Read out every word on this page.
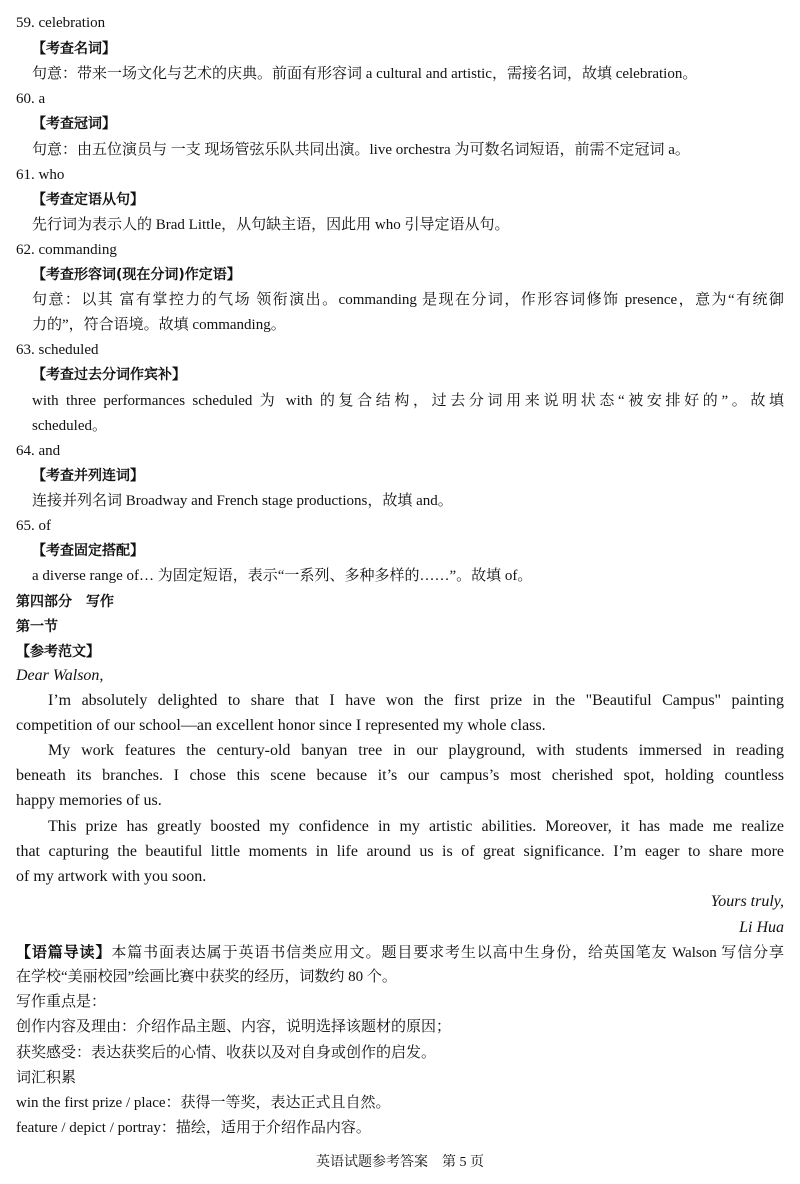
59. celebration
【考查名词】
句意：带来一场文化与艺术的庆典。前面有形容词 a cultural and artistic，需接名词，故填 celebration。
60. a
【考查冠词】
句意：由五位演员与 一支 现场管弦乐队共同出演。live orchestra 为可数名词短语，前需不定冠词 a。
61. who
【考查定语从句】
先行词为表示人的 Brad Little，从句缺主语，因此用 who 引导定语从句。
62. commanding
【考查形容词(现在分词)作定语】
句意：以其 富有掌控力的气场 领衔演出。commanding 是现在分词，作形容词修饰 presence，意为“有统御
力的”，符合语境。故填 commanding。
63. scheduled
【考查过去分词作宾补】
with three performances scheduled 为 with 的复合结构，过去分词用来说明状态“被安排好的”。故填
scheduled。
64. and
【考查并列连词】
连接并列名词 Broadway and French stage productions，故填 and。
65. of
【考查固定搭配】
a diverse range of… 为固定短语，表示“一系列、多种多样的……”。故填 of。
第四部分　写作
第一节
【参考范文】
Dear Walson,
I’m absolutely delighted to share that I have won the first prize in the "Beautiful Campus" painting
competition of our school—an excellent honor since I represented my whole class.
My work features the century-old banyan tree in our playground, with students immersed in reading
beneath its branches. I chose this scene because it’s our campus’s most cherished spot, holding countless
happy memories of us.
This prize has greatly boosted my confidence in my artistic abilities. Moreover, it has made me realize
that capturing the beautiful little moments in life around us is of great significance. I’m eager to share more
of my artwork with you soon.
Yours truly,
Li Hua
【语篇导读】本篇书面表达属于英语书信类应用文。题目要求考生以高中生身份，给英国笔友 Walson 写信分享
在学校“美丽校园”绘画比赛中获奖的经历，词数约 80 个。
写作重点是：
创作内容及理由：介绍作品主题、内容，说明选择该题材的原因；
获奖感受：表达获奖后的心情、收获以及对自身或创作的启发。
词汇积累
win the first prize / place：获得一等奖，表达正式且自然。
feature / depict / portray：描绘，适用于介绍作品内容。
英语试题参考答案　第 5 页
